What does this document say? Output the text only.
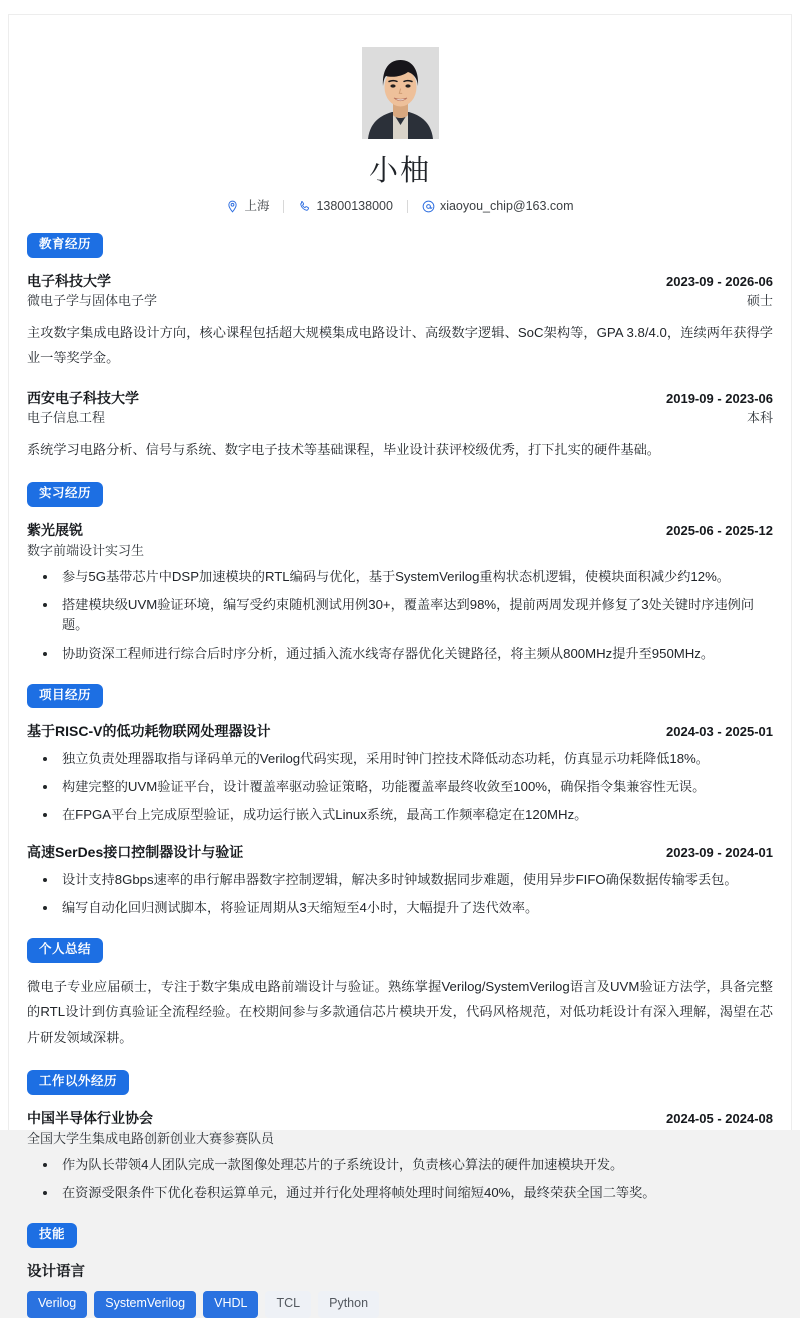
小柚
上海	13800138000	xiaoyou_chip@163.com
教育经历
电子科技大学	2023-09 - 2026-06
微电子学与固体电子学	硕士
主攻数字集成电路设计方向，核心课程包括超大规模集成电路设计、高级数字逻辑、SoC架构等，GPA 3.8/4.0，连续两年获得学业一等奖学金。
西安电子科技大学	2019-09 - 2023-06
电子信息工程	本科
系统学习电路分析、信号与系统、数字电子技术等基础课程，毕业设计获评校级优秀，打下扎实的硬件基础。
实习经历
紫光展锐	2025-06 - 2025-12
数字前端设计实习生
参与5G基带芯片中DSP加速模块的RTL编码与优化，基于SystemVerilog重构状态机逻辑，使模块面积减少约12%。
搭建模块级UVM验证环境，编写受约束随机测试用例30+，覆盖率达到98%，提前两周发现并修复了3处关键时序违例问题。
协助资深工程师进行综合后时序分析，通过插入流水线寄存器优化关键路径，将主频从800MHz提升至950MHz。
项目经历
基于RISC-V的低功耗物联网处理器设计	2024-03 - 2025-01
独立负责处理器取指与译码单元的Verilog代码实现，采用时钟门控技术降低动态功耗，仿真显示功耗降低18%。
构建完整的UVM验证平台，设计覆盖率驱动验证策略，功能覆盖率最终收敛至100%，确保指令集兼容性无误。
在FPGA平台上完成原型验证，成功运行嵌入式Linux系统，最高工作频率稳定在120MHz。
高速SerDes接口控制器设计与验证	2023-09 - 2024-01
设计支持8Gbps速率的串行解串器数字控制逻辑，解决多时钟域数据同步难题，使用异步FIFO确保数据传输零丢包。
编写自动化回归测试脚本，将验证周期从3天缩短至4小时，大幅提升了迭代效率。
个人总结
微电子专业应届硕士，专注于数字集成电路前端设计与验证。熟练掌握Verilog/SystemVerilog语言及UVM验证方法学，具备完整的RTL设计到仿真验证全流程经验。在校期间参与多款通信芯片模块开发，代码风格规范，对低功耗设计有深入理解，渴望在芯片研发领域深耕。
工作以外经历
中国半导体行业协会	2024-05 - 2024-08
全国大学生集成电路创新创业大赛参赛队员
作为队长带领4人团队完成一款图像处理芯片的子系统设计，负责核心算法的硬件加速模块开发。
在资源受限条件下优化卷积运算单元，通过并行化处理将帧处理时间缩短40%，最终荣获全国二等奖。
技能
设计语言
Verilog	SystemVerilog	VHDL	TCL	Python
